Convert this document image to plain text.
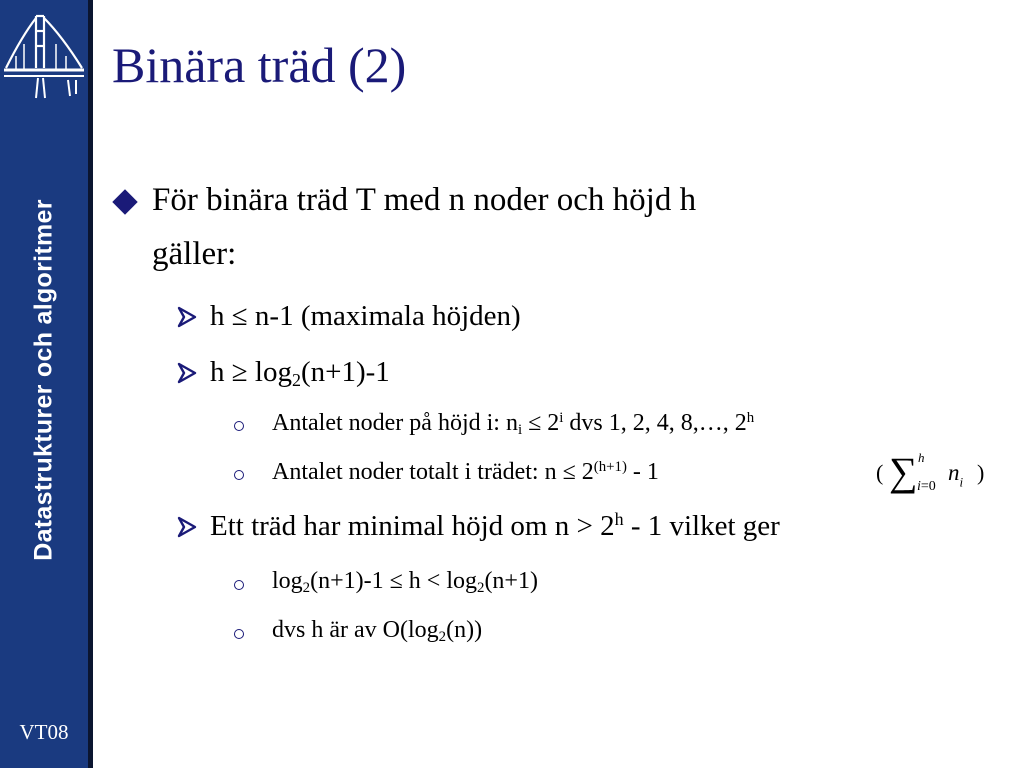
Datastrukturer och algoritmer
VT08
Binära träd (2)
För binära träd T med n noder och höjd h
gäller:
h ≤ n-1 (maximala höjden)
$h \ge \log_2(n+1)-1$
Antalet noder på höjd i: $n_i \le 2^i$ dvs 1, 2, 4, 8,…, 2$^h$
Antalet noder totalt i trädet: $n \le 2^{(h+1)} - 1$	( ∑ h
i=0
$n_i$ )
Ett träd har minimal höjd om $n > 2^h - 1$ vilket ger
$\log_2(n+1)-1 \le h < \log_2(n+1)$
dvs h är av $O(\log_2(n))$
